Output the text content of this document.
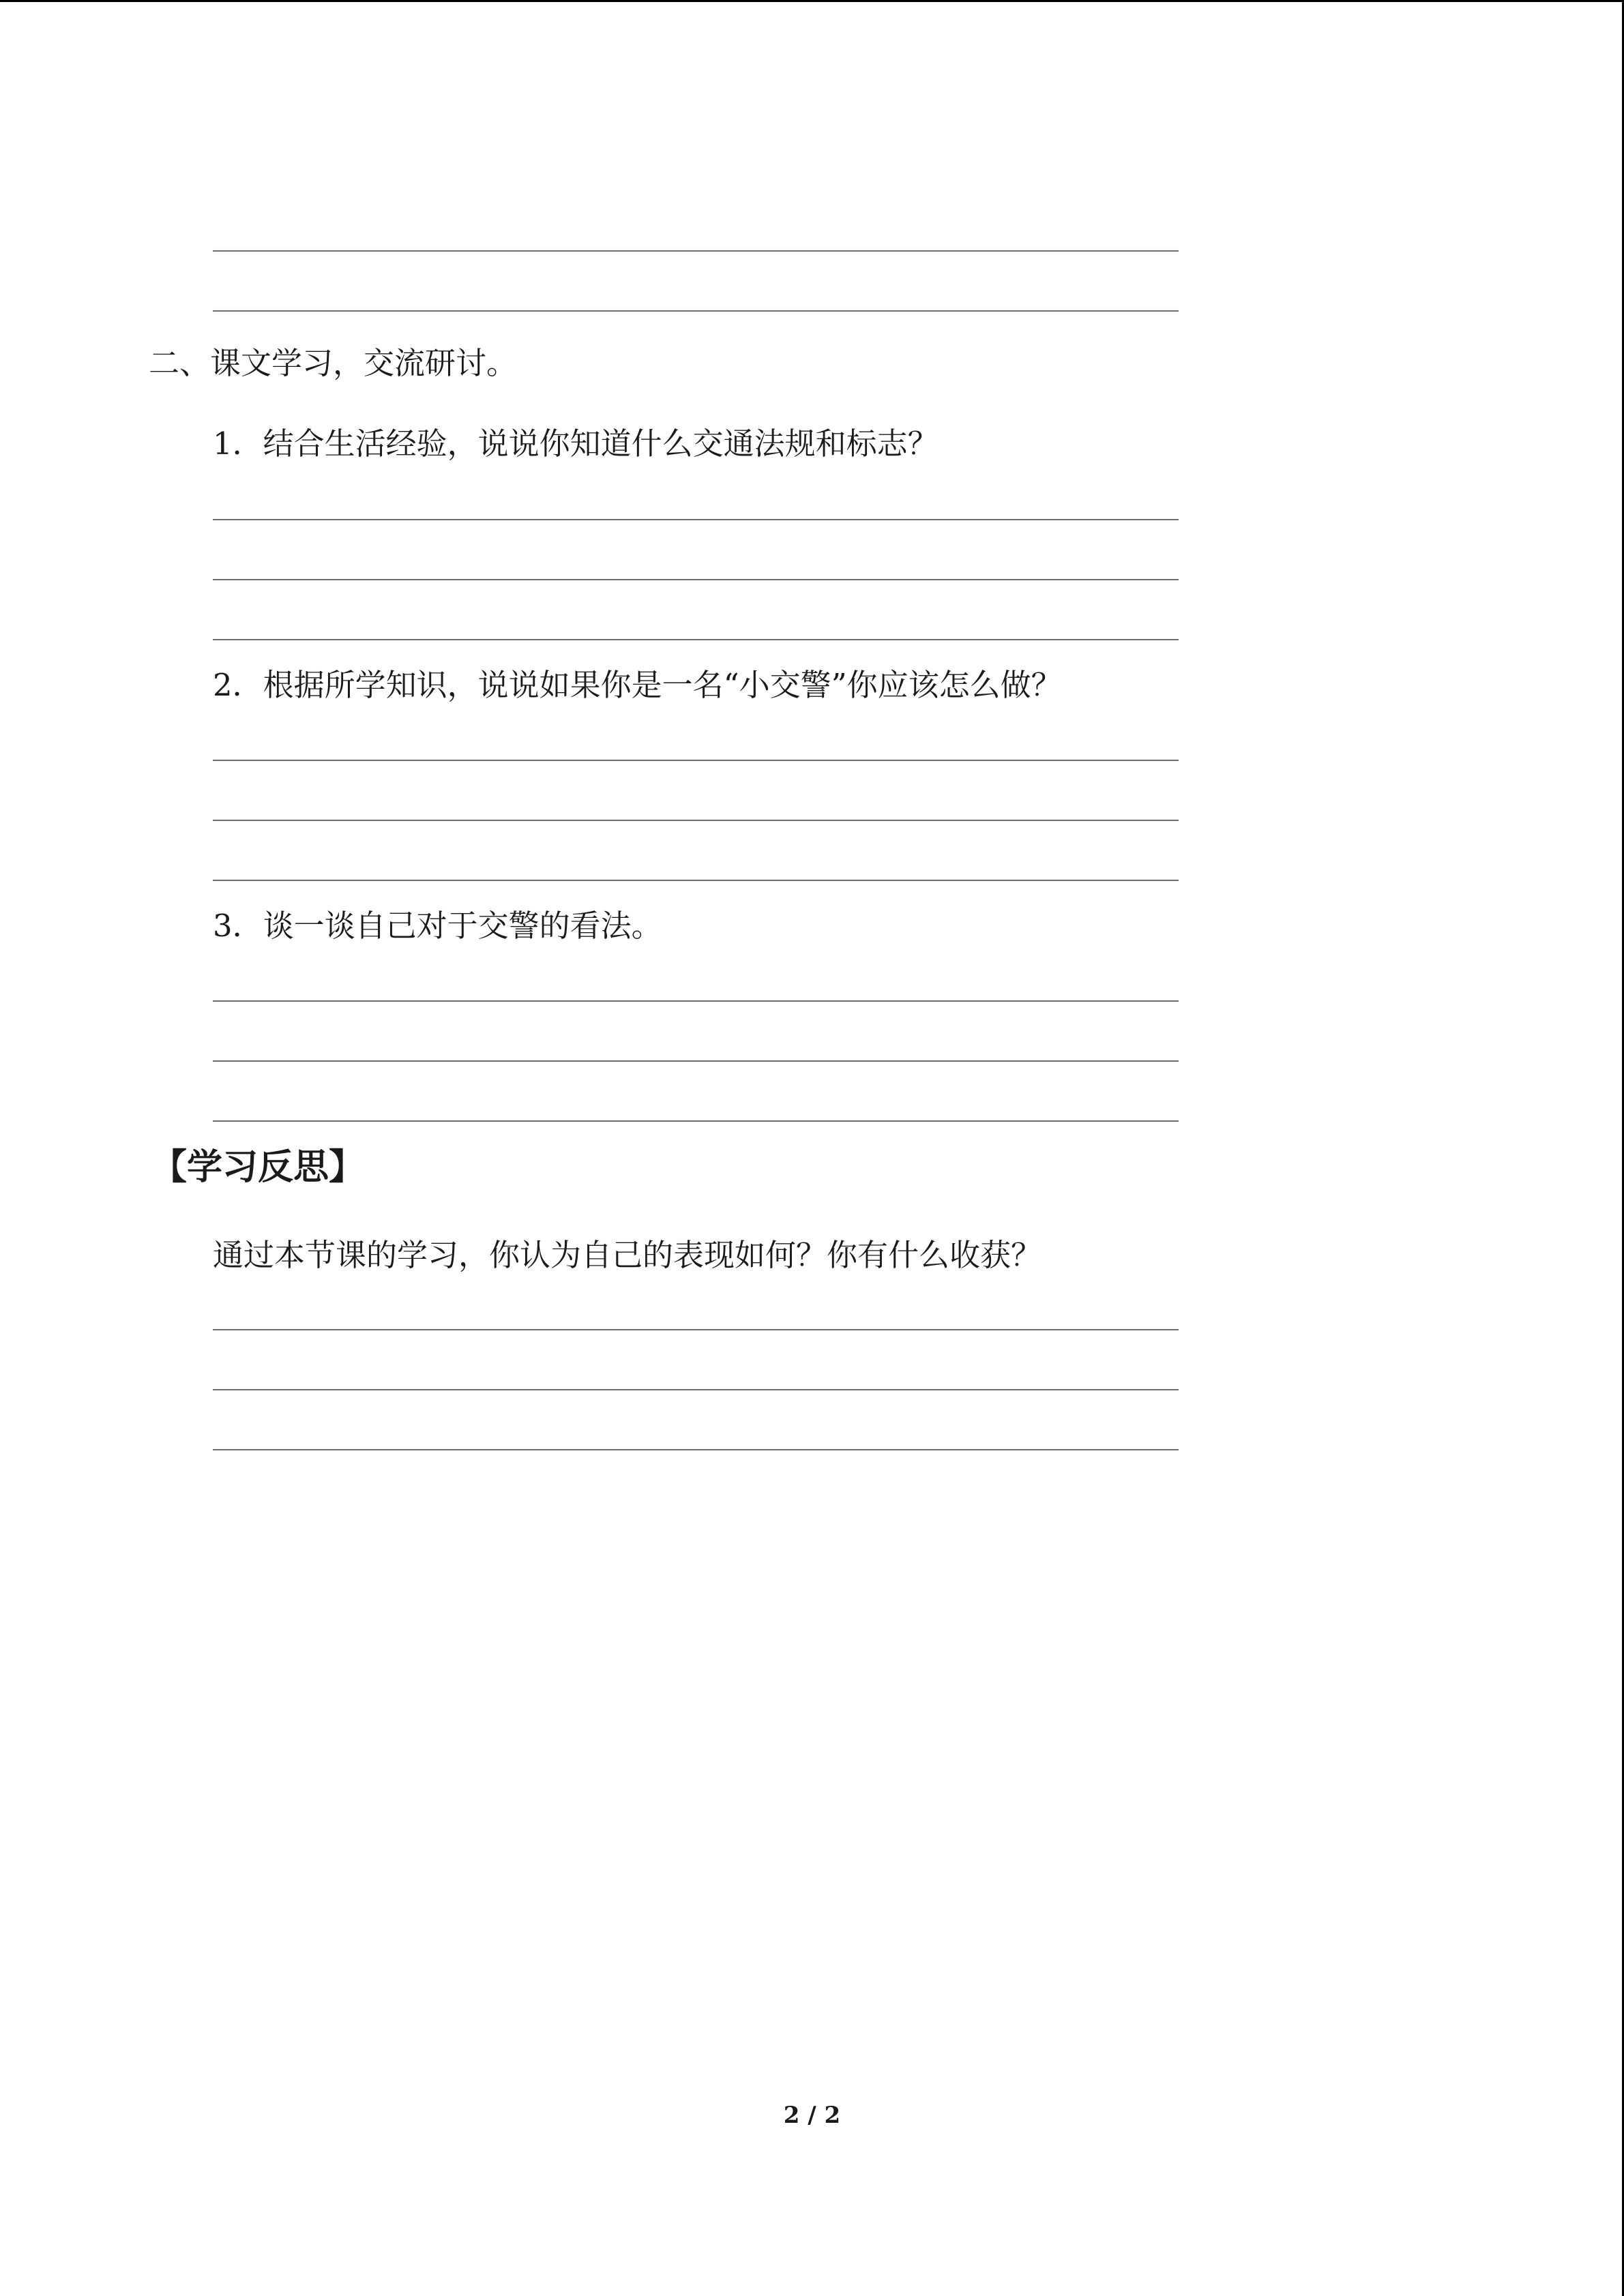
二、课文学习，交流研讨。
1．结合生活经验，说说你知道什么交通法规和标志？
2．根据所学知识，说说如果你是一名“小交警”你应该怎么做？
3．谈一谈自己对于交警的看法。
【学习反思】
通过本节课的学习，你认为自己的表现如何？你有什么收获？
2 / 2
